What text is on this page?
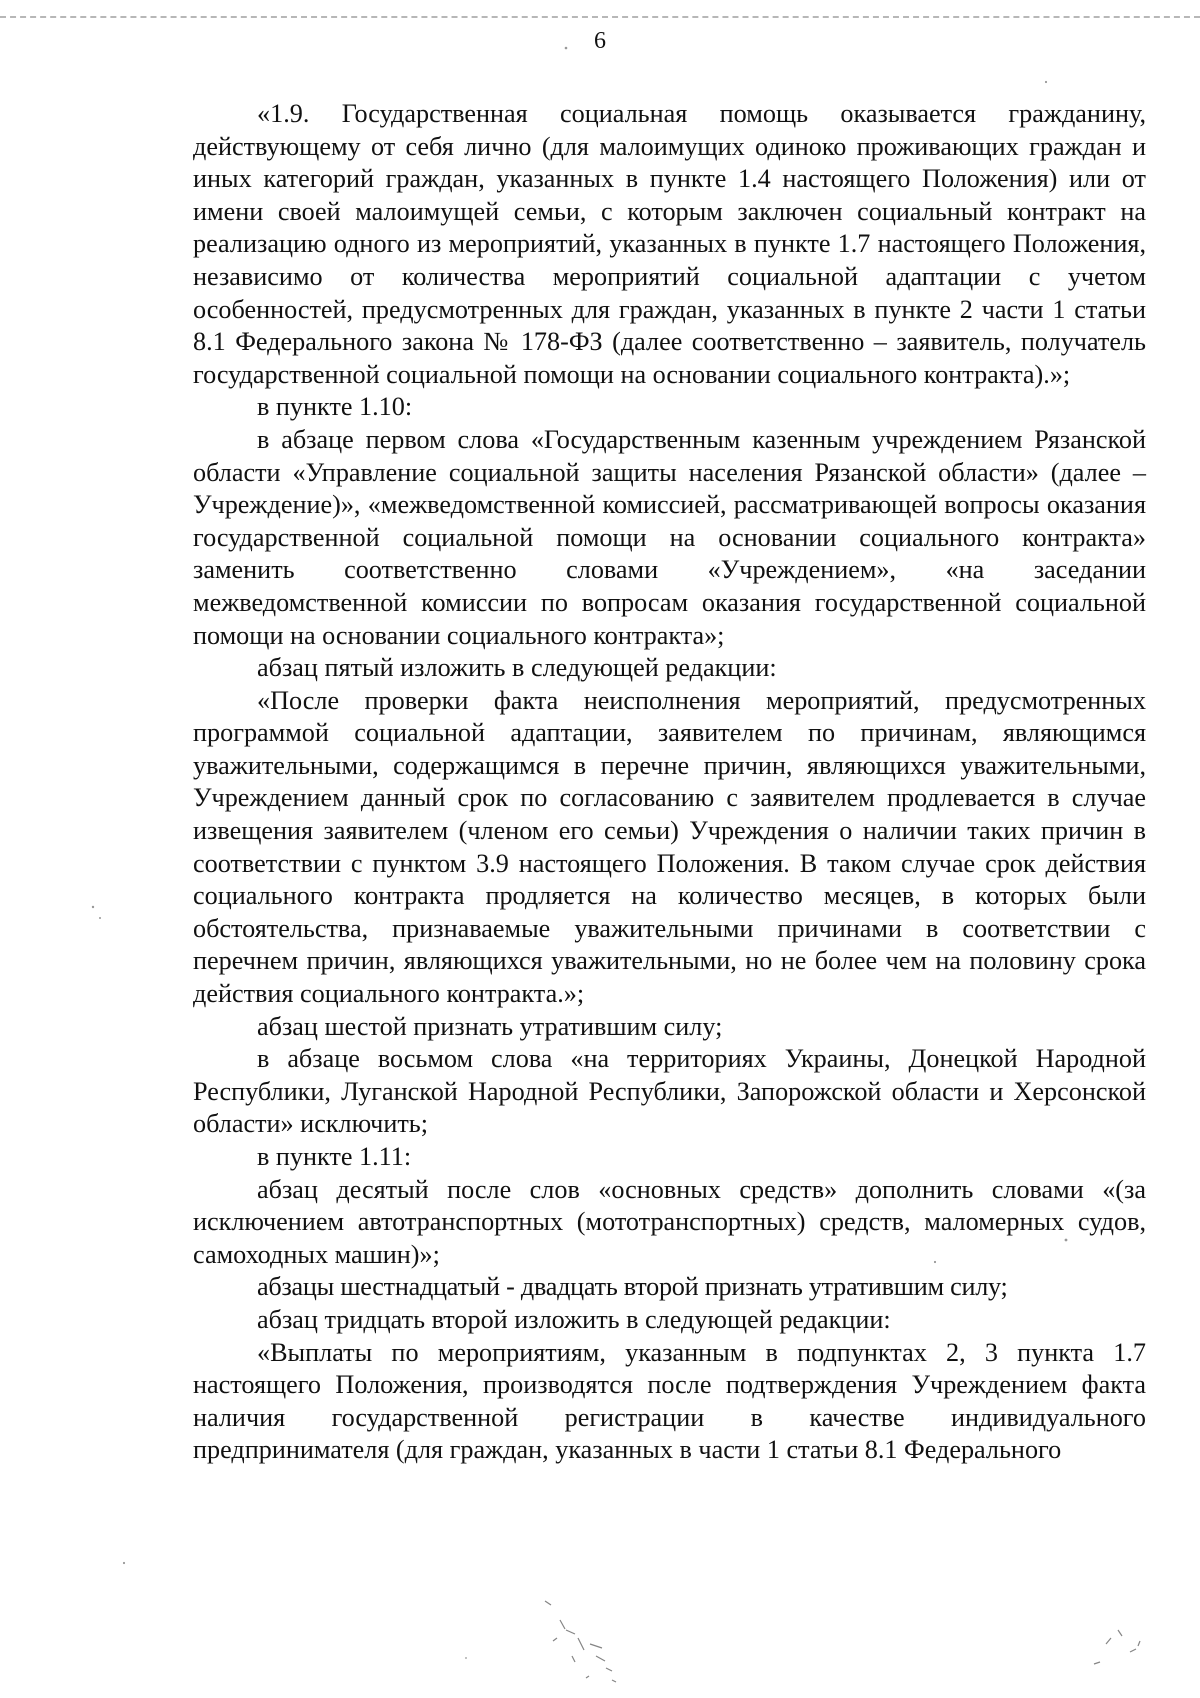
6

«1.9. Государственная социальная помощь оказывается гражданину, действующему от себя лично (для малоимущих одиноко проживающих граждан и иных категорий граждан, указанных в пункте 1.4 настоящего Положения) или от имени своей малоимущей семьи, с которым заключен социальный контракт на реализацию одного из мероприятий, указанных в пункте 1.7 настоящего Положения, независимо от количества мероприятий социальной адаптации с учетом особенностей, предусмотренных для граждан, указанных в пункте 2 части 1 статьи 8.1 Федерального закона № 178-ФЗ (далее соответственно – заявитель, получатель государственной социальной помощи на основании социального контракта).»;

в пункте 1.10:

в абзаце первом слова «Государственным казенным учреждением Рязанской области «Управление социальной защиты населения Рязанской области» (далее – Учреждение)», «межведомственной комиссией, рассматривающей вопросы оказания государственной социальной помощи на основании социального контракта» заменить соответственно словами «Учреждением», «на заседании межведомственной комиссии по вопросам оказания государственной социальной помощи на основании социального контракта»;

абзац пятый изложить в следующей редакции:

«После проверки факта неисполнения мероприятий, предусмотренных программой социальной адаптации, заявителем по причинам, являющимся уважительными, содержащимся в перечне причин, являющихся уважительными, Учреждением данный срок по согласованию с заявителем продлевается в случае извещения заявителем (членом его семьи) Учреждения о наличии таких причин в соответствии с пунктом 3.9 настоящего Положения. В таком случае срок действия социального контракта продляется на количество месяцев, в которых были обстоятельства, признаваемые уважительными причинами в соответствии с перечнем причин, являющихся уважительными, но не более чем на половину срока действия социального контракта.»;

абзац шестой признать утратившим силу;

в абзаце восьмом слова «на территориях Украины, Донецкой Народной Республики, Луганской Народной Республики, Запорожской области и Херсонской области» исключить;

в пункте 1.11:

абзац десятый после слов «основных средств» дополнить словами «(за исключением автотранспортных (мототранспортных) средств, маломерных судов, самоходных машин)»;

абзацы шестнадцатый - двадцать второй признать утратившим силу;

абзац тридцать второй изложить в следующей редакции:

«Выплаты по мероприятиям, указанным в подпунктах 2, 3 пункта 1.7 настоящего Положения, производятся после подтверждения Учреждением факта наличия государственной регистрации в качестве индивидуального предпринимателя (для граждан, указанных в части 1 статьи 8.1 Федерального
